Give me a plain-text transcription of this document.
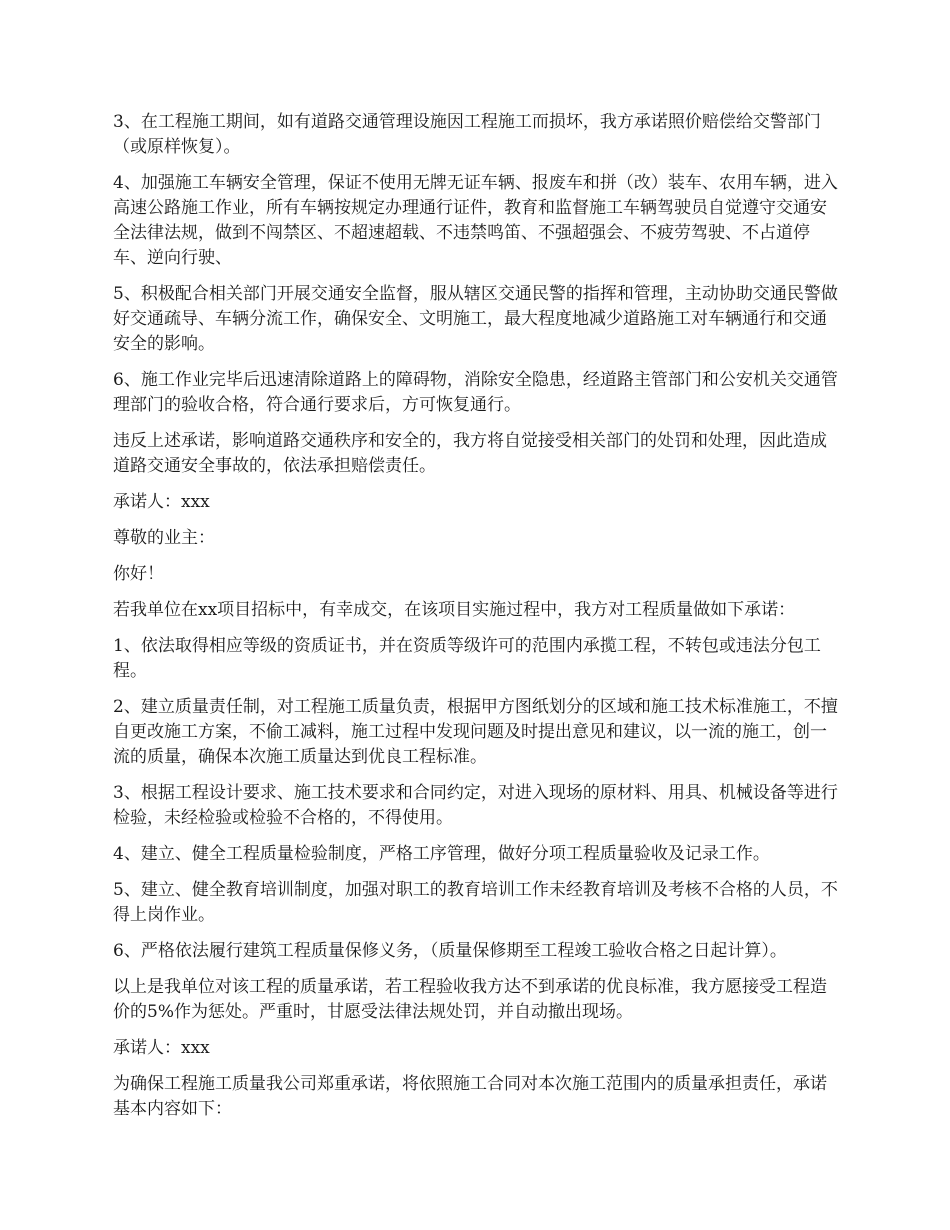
3、在工程施工期间，如有道路交通管理设施因工程施工而损坏，我方承诺照价赔偿给交警部门（或原样恢复）。

4、加强施工车辆安全管理，保证不使用无牌无证车辆、报废车和拼（改）装车、农用车辆，进入高速公路施工作业，所有车辆按规定办理通行证件，教育和监督施工车辆驾驶员自觉遵守交通安全法律法规，做到不闯禁区、不超速超载、不违禁鸣笛、不强超强会、不疲劳驾驶、不占道停车、逆向行驶、

5、积极配合相关部门开展交通安全监督，服从辖区交通民警的指挥和管理，主动协助交通民警做好交通疏导、车辆分流工作，确保安全、文明施工，最大程度地减少道路施工对车辆通行和交通安全的影响。

6、施工作业完毕后迅速清除道路上的障碍物，消除安全隐患，经道路主管部门和公安机关交通管理部门的验收合格，符合通行要求后，方可恢复通行。

违反上述承诺，影响道路交通秩序和安全的，我方将自觉接受相关部门的处罚和处理，因此造成道路交通安全事故的，依法承担赔偿责任。

承诺人：xxx

尊敬的业主：

你好！

若我单位在xx项目招标中，有幸成交，在该项目实施过程中，我方对工程质量做如下承诺：

1、依法取得相应等级的资质证书，并在资质等级许可的范围内承揽工程，不转包或违法分包工程。

2、建立质量责任制，对工程施工质量负责，根据甲方图纸划分的区域和施工技术标准施工，不擅自更改施工方案，不偷工减料，施工过程中发现问题及时提出意见和建议，以一流的施工，创一流的质量，确保本次施工质量达到优良工程标准。

3、根据工程设计要求、施工技术要求和合同约定，对进入现场的原材料、用具、机械设备等进行检验，未经检验或检验不合格的，不得使用。

4、建立、健全工程质量检验制度，严格工序管理，做好分项工程质量验收及记录工作。

5、建立、健全教育培训制度，加强对职工的教育培训工作未经教育培训及考核不合格的人员，不得上岗作业。

6、严格依法履行建筑工程质量保修义务，（质量保修期至工程竣工验收合格之日起计算）。

以上是我单位对该工程的质量承诺，若工程验收我方达不到承诺的优良标准，我方愿接受工程造价的5%作为惩处。严重时，甘愿受法律法规处罚，并自动撤出现场。

承诺人：xxx

为确保工程施工质量我公司郑重承诺，将依照施工合同对本次施工范围内的质量承担责任，承诺基本内容如下：
